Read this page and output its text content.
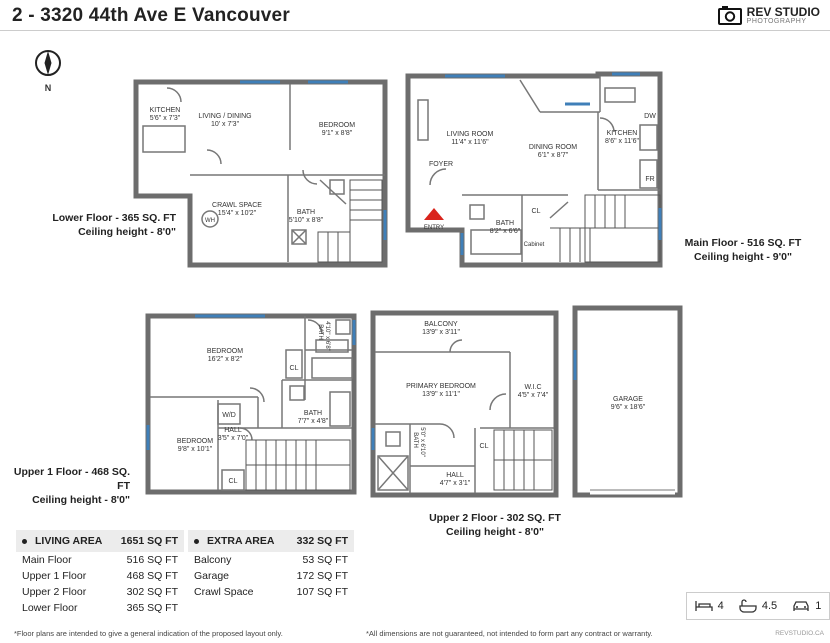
2 - 3320 44th Ave E Vancouver	REV STUDIO
PHOTOGRAPHY
N
KITCHEN
5'6" x 7'3"	LIVING / DINING
10' x 7'3"	BEDROOM
9'1" x 8'8"
CRAWL SPACE
15'4" x 10'2"
WH
BATH
5'10" x 8'8"
LIVING ROOM
11'4" x 11'6"
DINING ROOM
6'1" x 8'7"
KITCHEN
8'6" x 11'6"
DW
FR
FOYER
ENTRY
BATH
8'2" x 6'6"
CL
Cabinet
BEDROOM
16'2" x 8'2"
BEDROOM
9'8" x 10'1"
BATH 4'10" x 6'8"
BATH
7'7" x 4'8"
HALL
3'5" x 7'0"
W/D
CL
CL
BALCONY
13'9" x 3'11"
PRIMARY BEDROOM
13'9" x 11'1"
W.I.C
4'5" x 7'4"
BATH 5'0" x 6'10"
HALL
4'7" x 3'1"
CL
GARAGE
9'6" x 18'6"
Lower Floor - 365 SQ. FT
Ceiling height - 8'0"
Main Floor - 516 SQ. FT
Ceiling height - 9'0"
Upper 1 Floor - 468 SQ. FT
Ceiling height - 8'0"
Upper 2 Floor - 302 SQ. FT
Ceiling height - 8'0"
LIVING AREA	1651 SQ FT
Main Floor	516 SQ FT
Upper 1 Floor	468 SQ FT
Upper 2 Floor	302 SQ FT
Lower Floor	365 SQ FT
EXTRA AREA	332 SQ FT
Balcony	53 SQ FT
Garage	172 SQ FT
Crawl Space	107 SQ FT
4	4.5	1
*Floor plans are intended to give a general indication of the proposed layout only.	*All dimensions are not guaranteed, not intended to form part any contract or warranty.	REVSTUDIO.CA
